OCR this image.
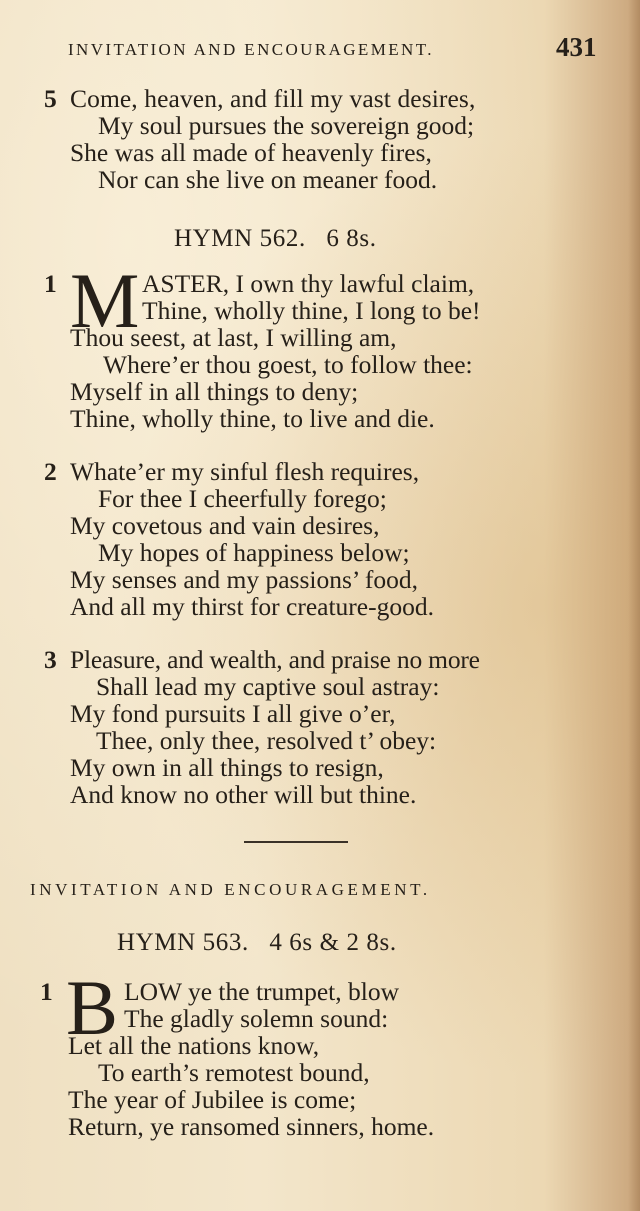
INVITATION AND ENCOURAGEMENT.	431
5 Come, heaven, and fill my vast desires,
My soul pursues the sovereign good;
She was all made of heavenly fires,
Nor can she live on meaner food.
HYMN 562. 6 8s.
1 M ASTER, I own thy lawful claim,
Thine, wholly thine, I long to be!
Thou seest, at last, I willing am,
Where’er thou goest, to follow thee:
Myself in all things to deny;
Thine, wholly thine, to live and die.
2 Whate’er my sinful flesh requires,
For thee I cheerfully forego;
My covetous and vain desires,
My hopes of happiness below;
My senses and my passions’ food,
And all my thirst for creature-good.
3 Pleasure, and wealth, and praise no more
Shall lead my captive soul astray:
My fond pursuits I all give o’er,
Thee, only thee, resolved t’ obey:
My own in all things to resign,
And know no other will but thine.
INVITATION AND ENCOURAGEMENT.
HYMN 563. 4 6s & 2 8s.
1 B LOW ye the trumpet, blow
The gladly solemn sound:
Let all the nations know,
To earth’s remotest bound,
The year of Jubilee is come;
Return, ye ransomed sinners, home.
